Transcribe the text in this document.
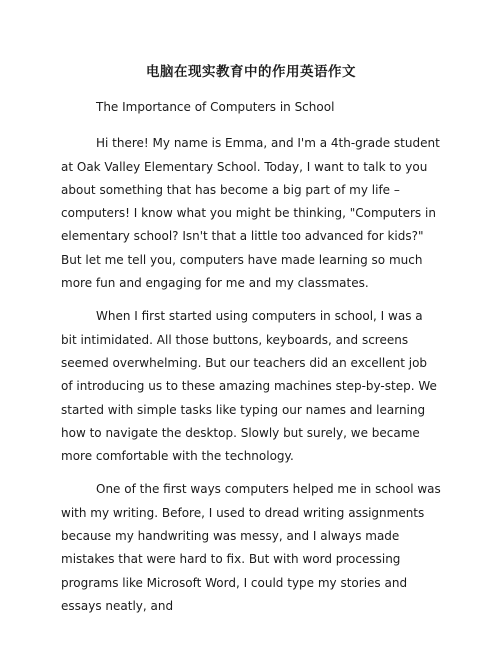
电脑在现实教育中的作用英语作文

The Importance of Computers in School

Hi there! My name is Emma, and I'm a 4th-grade student at Oak Valley Elementary School. Today, I want to talk to you about something that has become a big part of my life – computers! I know what you might be thinking, "Computers in elementary school? Isn't that a little too advanced for kids?" But let me tell you, computers have made learning so much more fun and engaging for me and my classmates.

When I first started using computers in school, I was a bit intimidated. All those buttons, keyboards, and screens seemed overwhelming. But our teachers did an excellent job of introducing us to these amazing machines step-by-step. We started with simple tasks like typing our names and learning how to navigate the desktop. Slowly but surely, we became more comfortable with the technology.

One of the first ways computers helped me in school was with my writing. Before, I used to dread writing assignments because my handwriting was messy, and I always made mistakes that were hard to fix. But with word processing programs like Microsoft Word, I could type my stories and essays neatly, and
